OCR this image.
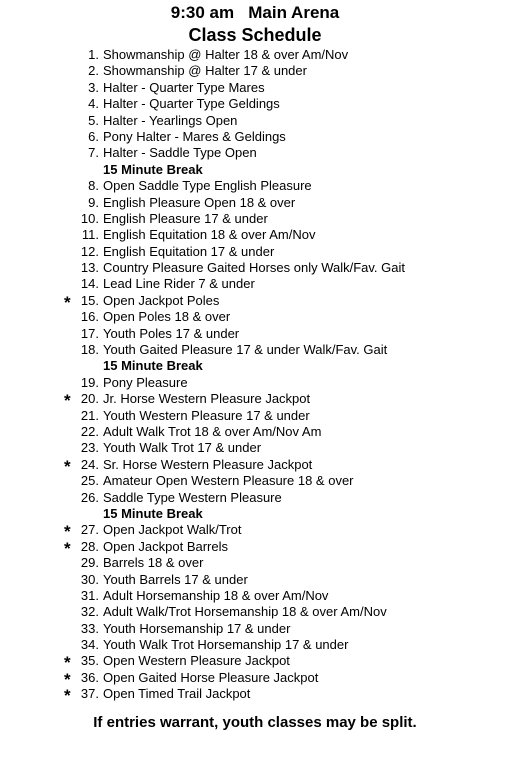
9:30 am   Main Arena
Class Schedule
1. Showmanship @ Halter 18 & over Am/Nov
2. Showmanship @ Halter 17 & under
3. Halter - Quarter Type Mares
4. Halter - Quarter Type Geldings
5. Halter - Yearlings Open
6. Pony Halter - Mares & Geldings
7. Halter - Saddle Type Open
15 Minute Break
8. Open Saddle Type English Pleasure
9. English Pleasure Open 18 & over
10. English Pleasure 17 & under
11. English Equitation 18 & over Am/Nov
12. English Equitation 17 & under
13. Country Pleasure Gaited Horses only Walk/Fav. Gait
14. Lead Line Rider 7 & under
* 15. Open Jackpot Poles
16. Open Poles 18 & over
17. Youth Poles 17 & under
18. Youth Gaited Pleasure 17 & under Walk/Fav. Gait
15 Minute Break
19. Pony Pleasure
* 20. Jr. Horse Western Pleasure Jackpot
21. Youth Western Pleasure 17 & under
22. Adult Walk Trot 18 & over Am/Nov Am
23. Youth Walk Trot 17 & under
* 24. Sr. Horse Western Pleasure Jackpot
25. Amateur Open Western Pleasure 18 & over
26. Saddle Type Western Pleasure
15 Minute Break
* 27. Open Jackpot Walk/Trot
* 28. Open Jackpot Barrels
29. Barrels 18 & over
30. Youth Barrels 17 & under
31. Adult Horsemanship 18 & over Am/Nov
32. Adult Walk/Trot Horsemanship 18 & over Am/Nov
33. Youth Horsemanship 17 & under
34. Youth Walk Trot Horsemanship 17 & under
* 35. Open Western Pleasure Jackpot
* 36. Open Gaited Horse Pleasure Jackpot
* 37. Open Timed Trail Jackpot
If entries warrant, youth classes may be split.
